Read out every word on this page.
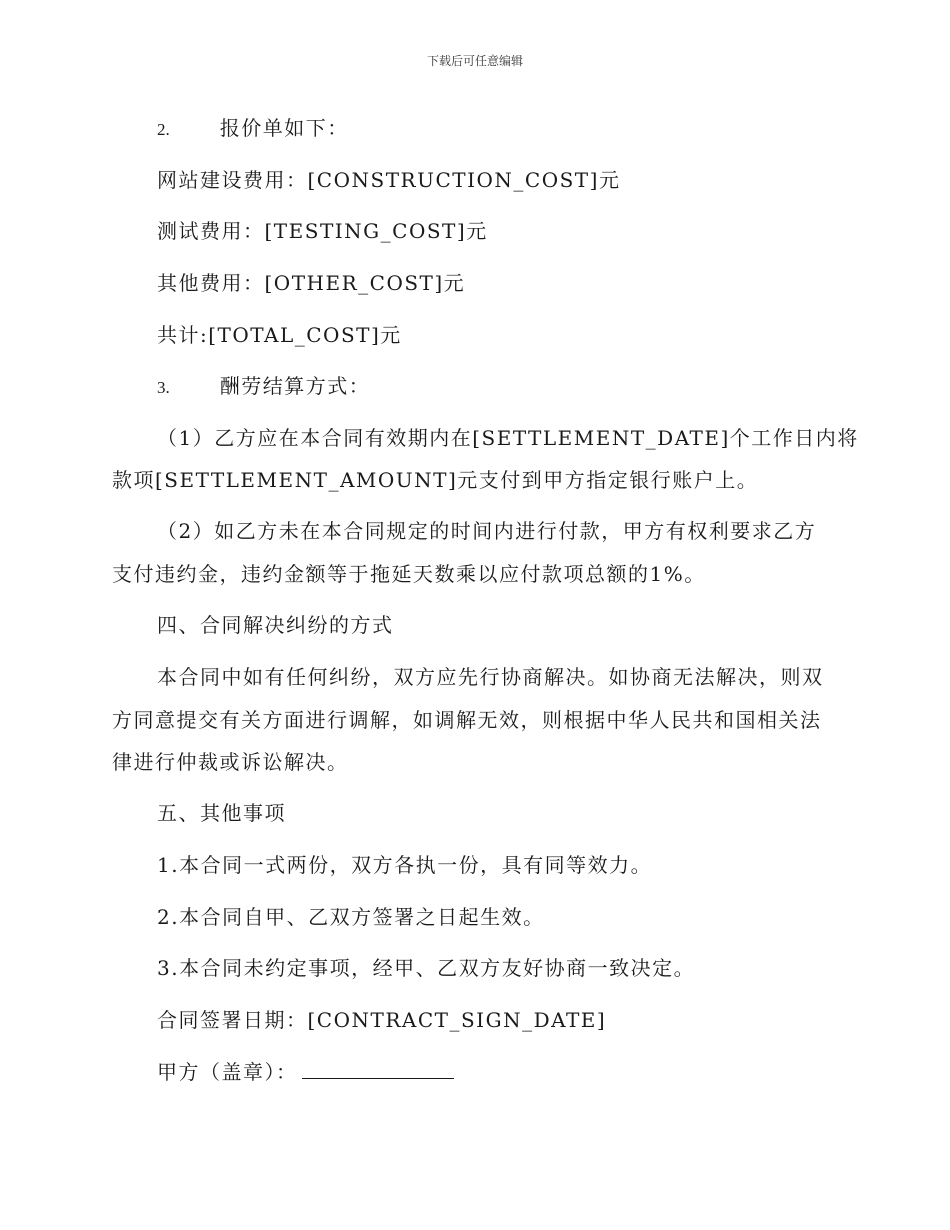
下载后可任意编辑
2.	报价单如下：
网站建设费用：[CONSTRUCTION_COST]元
测试费用：[TESTING_COST]元
其他费用：[OTHER_COST]元
共计:[TOTAL_COST]元
3.	酬劳结算方式：
（1）乙方应在本合同有效期内在[SETTLEMENT_DATE]个工作日内将
款项[SETTLEMENT_AMOUNT]元支付到甲方指定银行账户上。
（2）如乙方未在本合同规定的时间内进行付款，甲方有权利要求乙方
支付违约金，违约金额等于拖延天数乘以应付款项总额的1%。
四、合同解决纠纷的方式
本合同中如有任何纠纷，双方应先行协商解决。如协商无法解决，则双
方同意提交有关方面进行调解，如调解无效，则根据中华人民共和国相关法
律进行仲裁或诉讼解决。
五、其他事项
1.本合同一式两份，双方各执一份，具有同等效力。
2.本合同自甲、乙双方签署之日起生效。
3.本合同未约定事项，经甲、乙双方友好协商一致决定。
合同签署日期：[CONTRACT_SIGN_DATE]
甲方（盖章）：
